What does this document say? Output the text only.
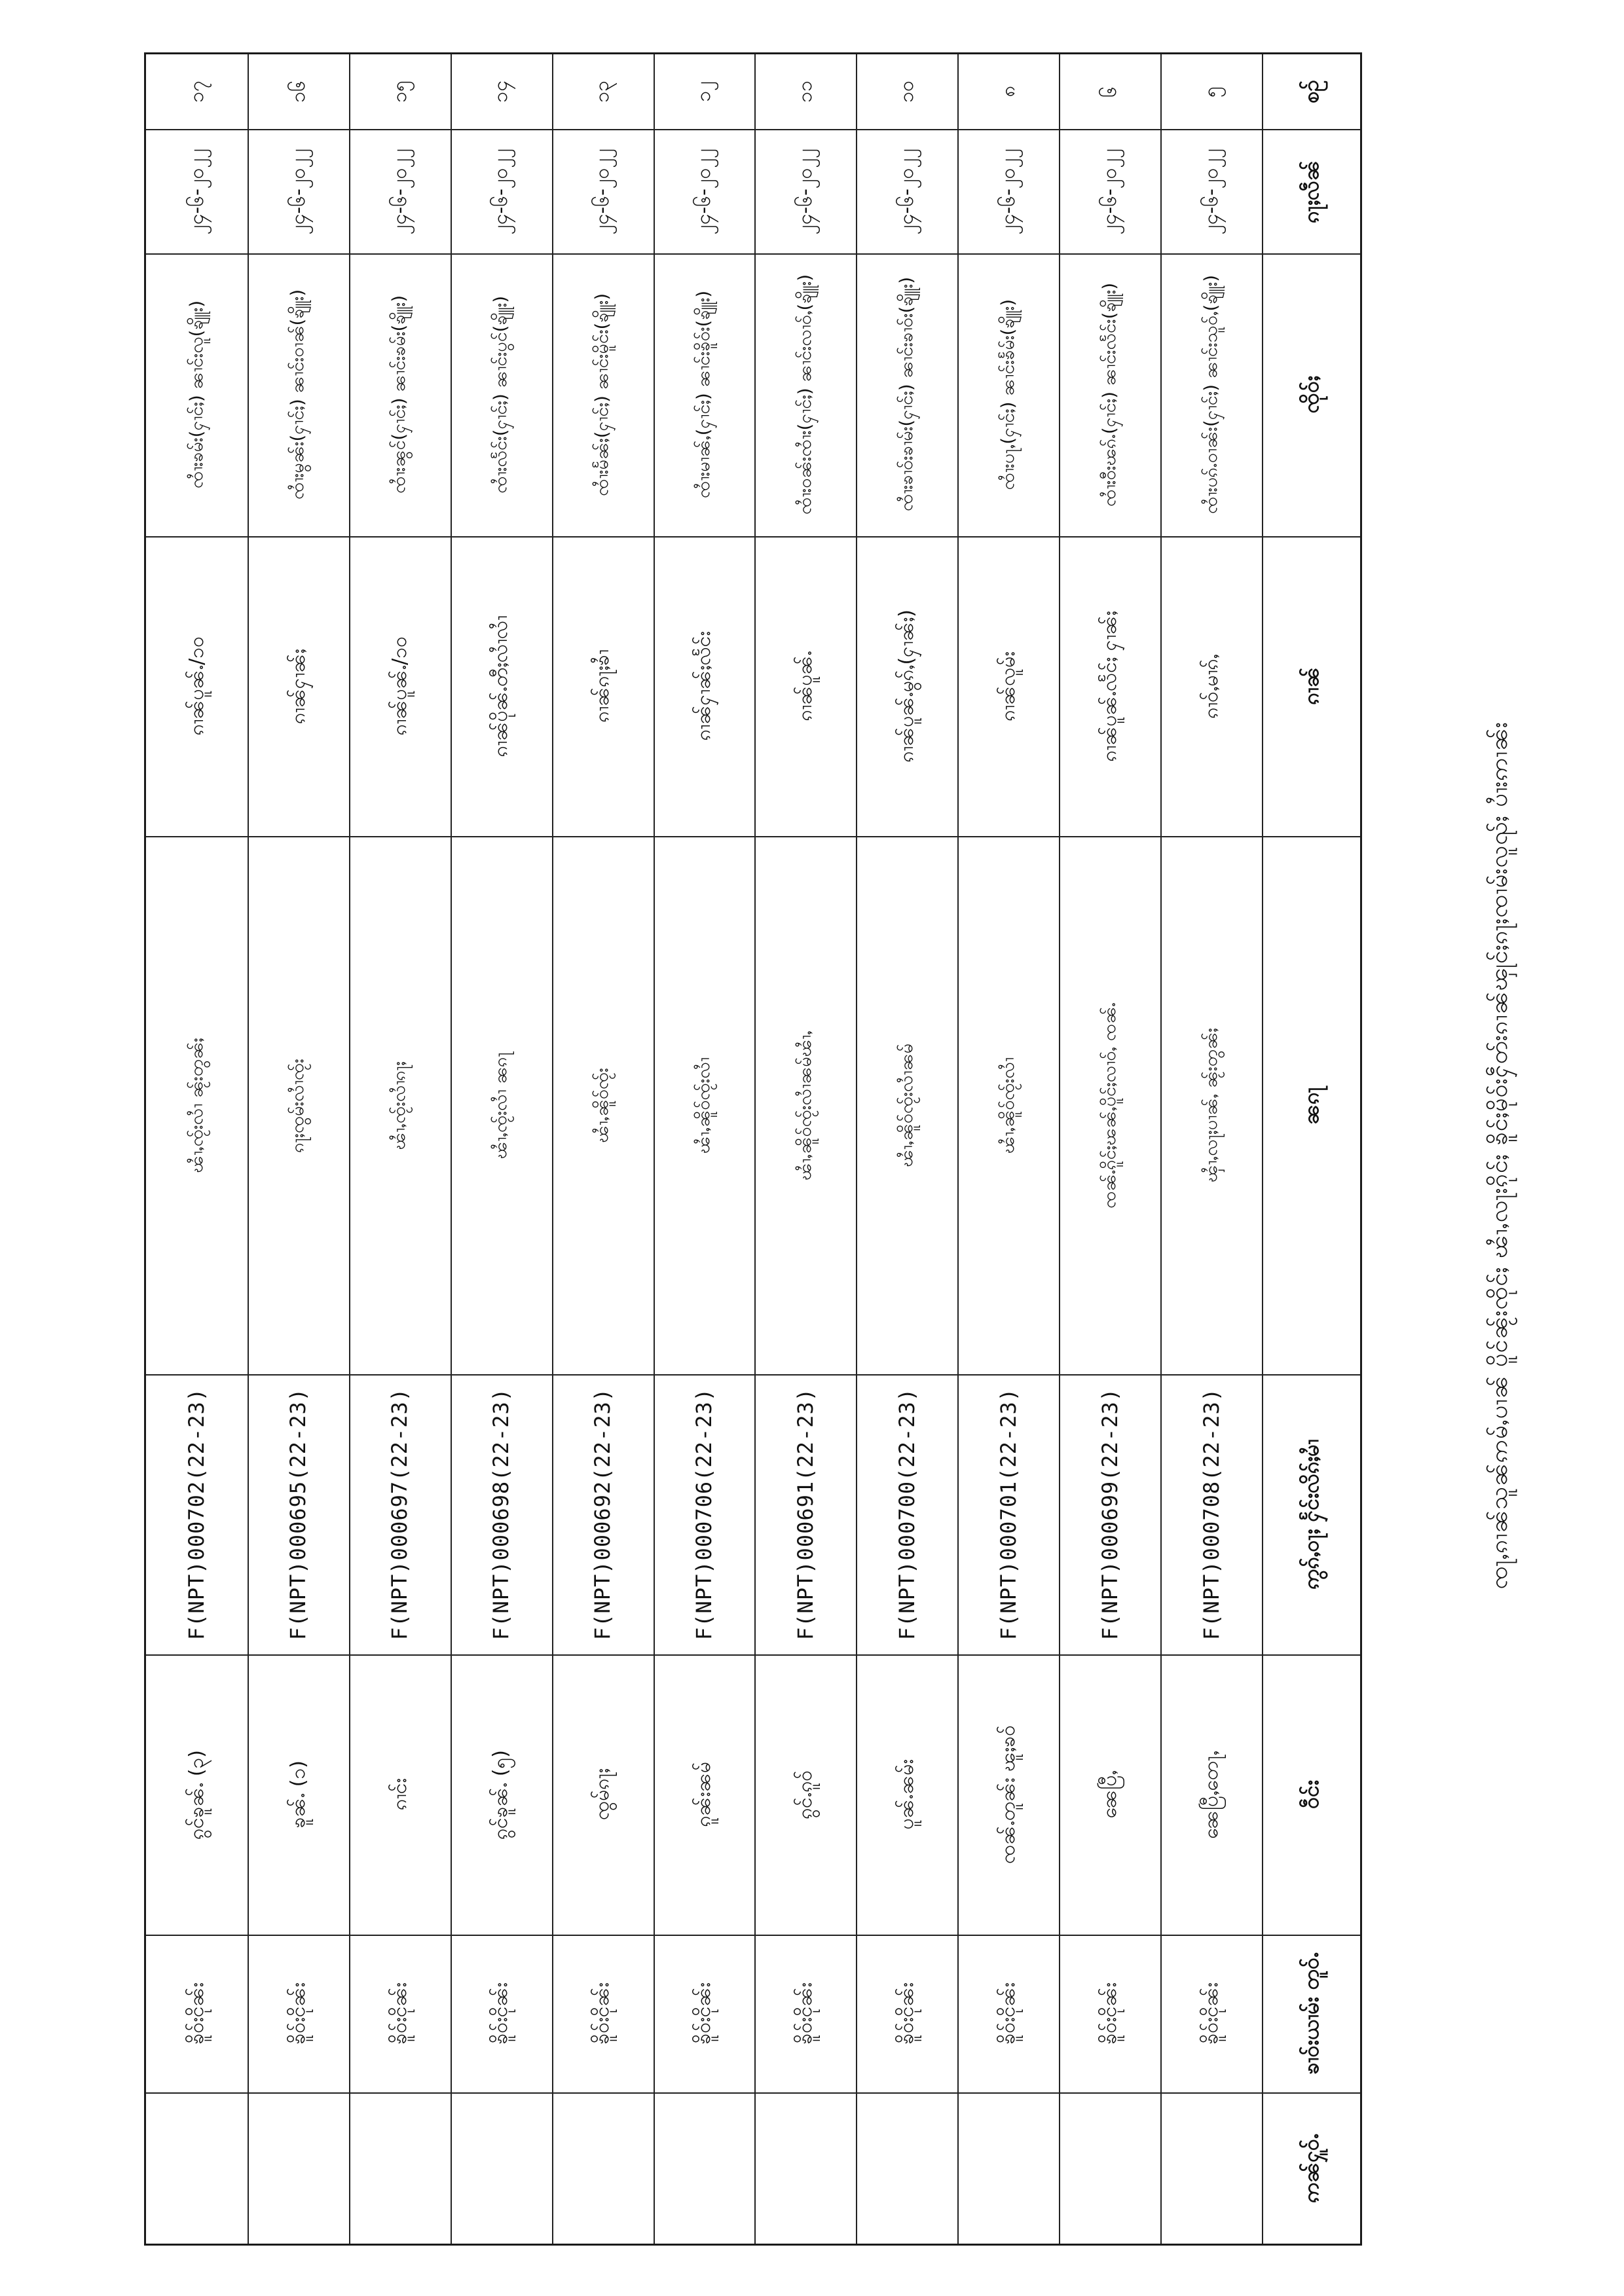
ၸႃႇၵၢၼ်သူၼ်ဢမ်ႇပၢၼ် ပိူင်ၼႂ်းၸိုင်ႈ ၽၢႆႇလႃးၵိုင်ႈ ၶိူင်ႈမိုဝ်းႁဵတ်းၵၢၼ်ၾုင်ႈၵႃႈၸၢမ်းလူၺ်ႈ ပၢႆးဢၢၼ်း
စဥ်
ၵႃႈလဵၼ်
ၸိုဝ်ႈ
ၵၢၼ်
ၼၵႃ
ဢွၵ်ႇဝႃႈ ႁႅင်းလိၵ်ႈမၢႆ
ဝဵင်း
ၶၢဝ်းယၢမ်း တူဝ်ႉ
ဢၼ်ႁူဝ်ႉ
၅
၂၄-၆-၂၀၂၂
ၸၢႆးပၵ်ႉဝၢၼ်း(ႁၢင်ႈ) ၼၢင်းသူဝ်ႇ(ၶျိူး)
ၵၢဝ်ႇမၢၵ်ႇ
ၾၢႆႇလႃႈပၢၼ်ႇ ၼႂ်းတွၼ်ႈ
F(NPT)000708(22-23)
ၼေပြီႇတေႃႇ
ၶိူဝ်းငိုၼ်း
၆
၂၄-၆-၂၀၂၂
ၸၢႆးဝီးၽၵ်ႉ(ႁၢင်ႈ) ၼၢင်းလႅင်း(ၶျိူး)
ၵၢၼ်ပူၼ်ႉလႅင်ႈ ႁၢၼ်ႈ
ၸၼ်ႉၵိူင်ႈၽၼ်ႇပိူင်ႈလၢဝ်ႇ ၸၼ်ႉ
F(NPT)000699(22-23)
ၼေပြီႇ
ၶိူဝ်းငိုၼ်း
၈
၂၄-၆-၂၀၂၂
ၸၢႆးပႃႇ(ႁၢင်ႈ) ၼၢင်းၶႅမ်း(ၶျိူး)
ၵၢၼ်လူမ်း
ၽၢႆႇၼိူဝ်ၸႂ်းလၢႆ
F(NPT)000701(22-23)
ၸၼ်ႉတူၼ်း ၽူႈၶဝ်
ၶိူဝ်းငိုၼ်း
၁၀
၂၄-၆-၂၀၂၂
ၸၢႆးၶၢဝ်းၶၢမ်း(ႁၢင်ႈ) ၼၢင်းၶၢဝ်း(ၶျိူး)
ၵၢၼ်ပူၼ်ႉမွၵ်ႇ(ႁၢၼ်ႈ)
ၽၢႆႇၼိူဝ်ၸႂ်းလၢႆၼမ်
F(NPT)000700(22-23)
ပူၼ်ႉၼမ်း
ၶိူဝ်းငိုၼ်း
၁၁
၂၄-၆-၂၀၂၂
ၸၢႆးဝၼ်းၸၢႆး(ႁၢင်ႈ) ၼၢင်းလၢဝ်ႇ(ၶျိူး)
ၵၢၼ်ပူၼ်ႉ
ၽၢႆႇၼိူဝ်ၸႂ်းလၢႆၼမ်ၽၢႆႇ
F(NPT)000691(22-23)
ၵွင်ႉၵူဝ်
ၶိူဝ်းငိုၼ်း
၁၂
၂၄-၆-၂၀၂၂
ၸၢႆးမၢၼ်ႇ(ႁၢင်ႈ) ၼၢင်းၶိူဝ်း(ၶျိူး)
ၵၢၼ်ႁၢၼ်ႈလႅင်း
ၽၢႆႇၼိူဝ်ၸႂ်းလၢႆ
F(NPT)000706(22-23)
ၵူၼ်းၼမ်
ၶိူဝ်းငိုၼ်း
၁၃
၂၄-၆-၂၀၂၂
ၸၢႆးမႅၼ်ႈ(ႁၢင်ႈ) ၼၢင်းမိူင်း(ၶျိူး)
ၵၢၼ်ၵႃႈၶၢႆ
ၽၢႆႇၼိူဝ်ၸႂ်း
F(NPT)000692(22-23)
ၸွမ်ၵႃႈ
ၶိူဝ်းငိုၼ်း
၁၄
၂၄-၆-၂၀၂၂
ၸၢႆးလႅင်း(ႁၢင်ႈ) ၼၢင်းပွင်(ၶျိူး)
ၵၢၼ်ပိုၼ်ႉတီႈလၢႆလၢႆ
ၽၢႆႇၸႂ်းလၢႆ ၼၵႃ
F(NPT)000698(22-23)
ၵွင်ၶူၼ်ႉ (၅)
ၶိူဝ်းငိုၼ်း
၁၅
၂၄-၆-၂၀၂၂
ၸၢႆးၼွင်(ႁၢင်ႈ) ၼၢင်းၶမ်း(ၶျိူး)
ၵၢၼ်ပူၼ်ႉ/၁၀
ၽၢႆႇၸႂ်းလၢႆၵႃႈ
F(NPT)000697(22-23)
ၵၢင်း
ၶိူဝ်းငိုၼ်း
၁၆
၂၄-၆-၂၀၂၂
ၸၢႆးမွၼ်း(ႁၢင်ႈ) ၼၢင်းဝၢၼ်(ၶျိူး)
ၵၢၼ်ႁၢၼ်ႈ
ၵႃႈၸွမ်းလၢႆၸႂ်း
F(NPT)000695(22-23)
ၶူၼ်ႉ (၁)
ၶိူဝ်းငိုၼ်း
၁၇
၂၄-၆-၂၀၂၂
ၸၢႆးၶမ်း(ႁၢင်ႈ) ၼၢင်းလူ(ၶျိူး)
ၵၢၼ်ပူၼ်ႉ/၁၀
ၽၢႆႇၸႂ်းလၢႆ ၼႂ်းတွၼ်ႈ
F(NPT)000702(22-23)
ၵွင်ၶူၼ်ႉ (၃)
ၶိူဝ်းငိုၼ်း
